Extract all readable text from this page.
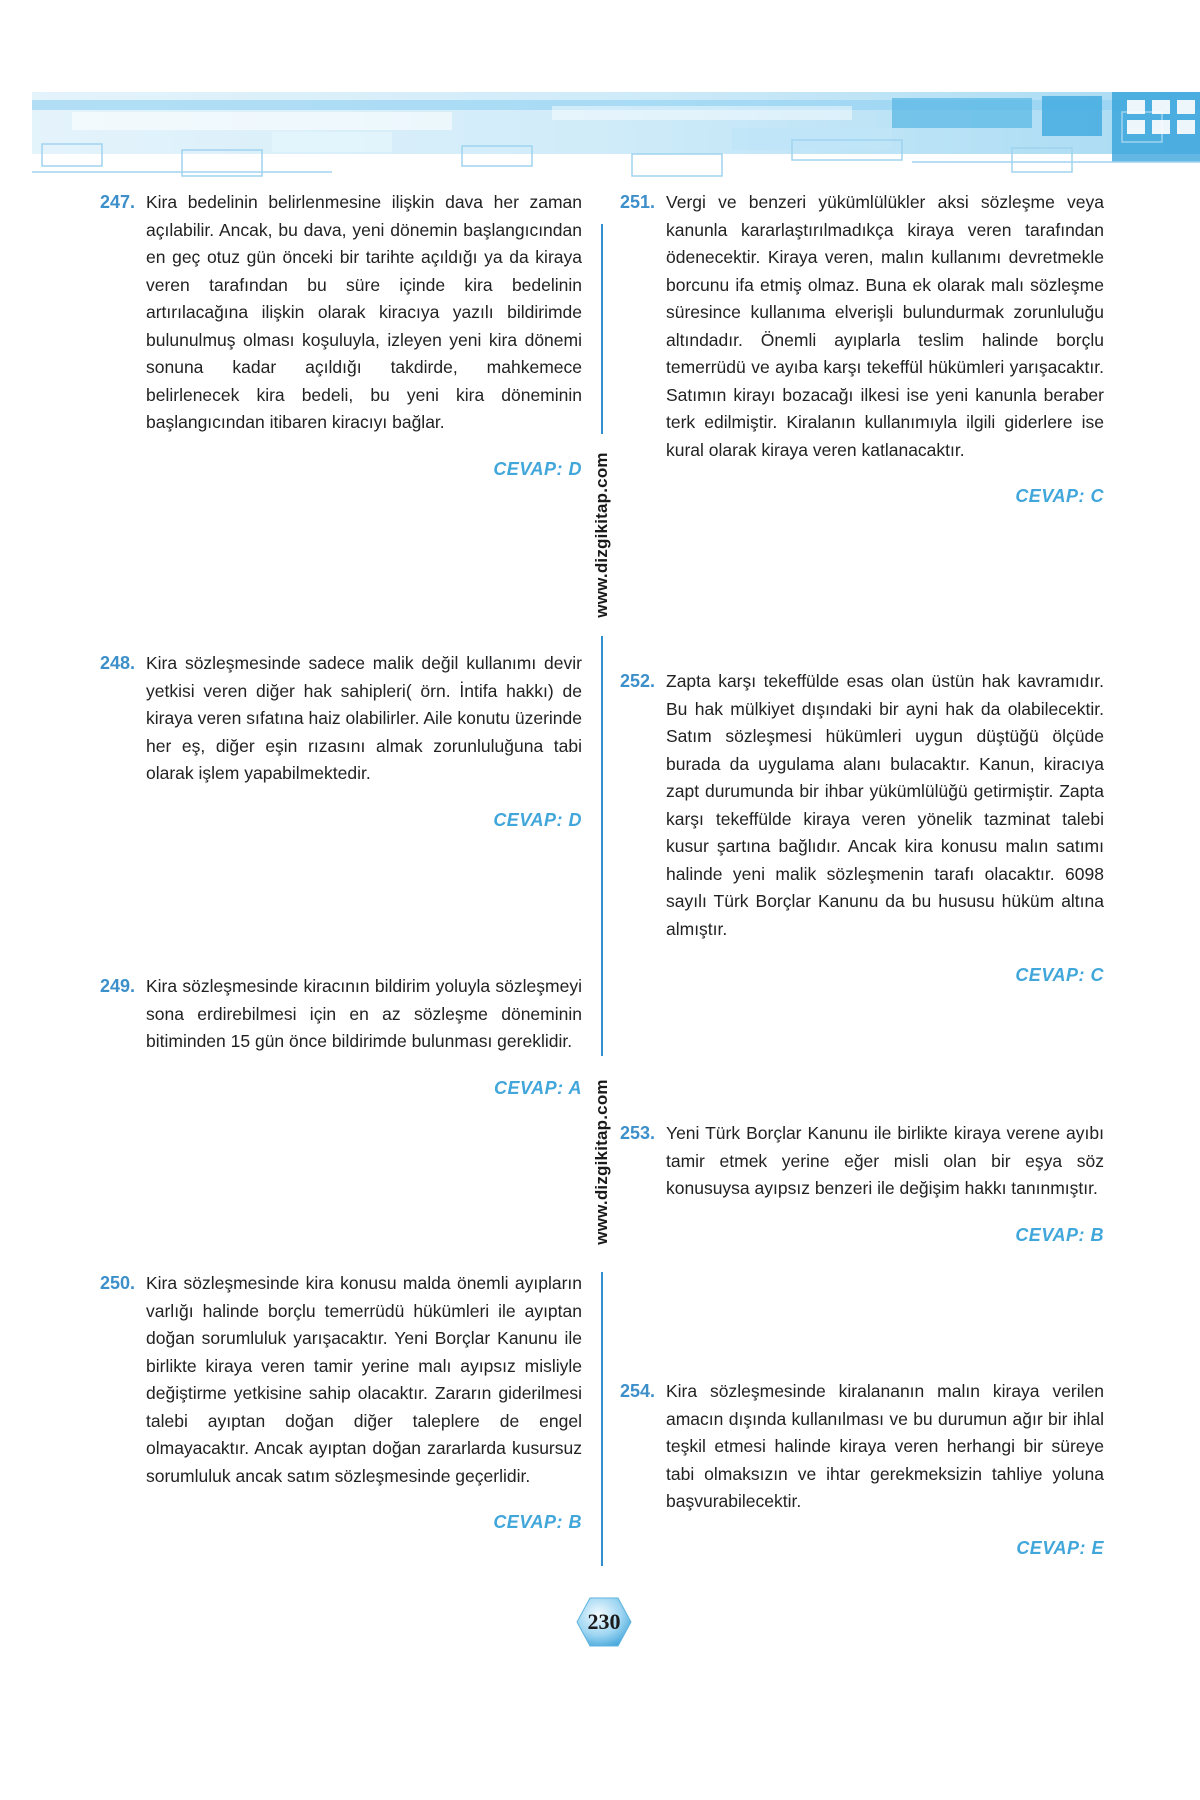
www.dizgikitap.com
www.dizgikitap.com
247. Kira bedelinin belirlenmesine ilişkin dava her zaman açılabilir. Ancak, bu dava, yeni dönemin başlangıcından en geç otuz gün önceki bir tarihte açıldığı ya da kiraya veren tarafından bu süre içinde kira bedelinin artırılacağına ilişkin olarak kiracıya yazılı bildirimde bulunulmuş olması koşuluyla, izleyen yeni kira dönemi sonuna kadar açıldığı takdirde, mahkemece belirlenecek kira bedeli, bu yeni kira döneminin başlangıcından itibaren kiracıyı bağlar.
CEVAP: D
248. Kira sözleşmesinde sadece malik değil kullanımı devir yetkisi veren diğer hak sahipleri( örn. İntifa hakkı) de kiraya veren sıfatına haiz olabilirler. Aile konutu üzerinde her eş, diğer eşin rızasını almak zorunluluğuna tabi olarak işlem yapabilmektedir.
CEVAP: D
249. Kira sözleşmesinde kiracının bildirim yoluyla sözleşmeyi sona erdirebilmesi için en az sözleşme döneminin bitiminden 15 gün önce bildirimde bulunması gereklidir.
CEVAP: A
250. Kira sözleşmesinde kira konusu malda önemli ayıpların varlığı halinde borçlu temerrüdü hükümleri ile ayıptan doğan sorumluluk yarışacaktır. Yeni Borçlar Kanunu ile birlikte kiraya veren tamir yerine malı ayıpsız misliyle değiştirme yetkisine sahip olacaktır. Zararın giderilmesi talebi ayıptan doğan diğer taleplere de engel olmayacaktır. Ancak ayıptan doğan zararlarda kusursuz sorumluluk ancak satım sözleşmesinde geçerlidir.
CEVAP: B
251. Vergi ve benzeri yükümlülükler aksi sözleşme veya kanunla kararlaştırılmadıkça kiraya veren tarafından ödenecektir. Kiraya veren, malın kullanımı devretmekle borcunu ifa etmiş olmaz. Buna ek olarak malı sözleşme süresince kullanıma elverişli bulundurmak zorunluluğu altındadır. Önemli ayıplarla teslim halinde borçlu temerrüdü ve ayıba karşı tekeffül hükümleri yarışacaktır. Satımın kirayı bozacağı ilkesi ise yeni kanunla beraber terk edilmiştir. Kiralanın kullanımıyla ilgili giderlere ise kural olarak kiraya veren katlanacaktır.
CEVAP: C
252. Zapta karşı tekeffülde esas olan üstün hak kavramıdır. Bu hak mülkiyet dışındaki bir ayni hak da olabilecektir. Satım sözleşmesi hükümleri uygun düştüğü ölçüde burada da uygulama alanı bulacaktır. Kanun, kiracıya zapt durumunda bir ihbar yükümlülüğü getirmiştir. Zapta karşı tekeffülde kiraya veren yönelik tazminat talebi kusur şartına bağlıdır. Ancak kira konusu malın satımı halinde yeni malik sözleşmenin tarafı olacaktır. 6098 sayılı Türk Borçlar Kanunu da bu hususu hüküm altına almıştır.
CEVAP: C
253. Yeni Türk Borçlar Kanunu ile birlikte kiraya verene ayıbı tamir etmek yerine eğer misli olan bir eşya söz konusuysa ayıpsız benzeri ile değişim hakkı tanınmıştır.
CEVAP: B
254. Kira sözleşmesinde kiralananın malın kiraya verilen amacın dışında kullanılması ve bu durumun ağır bir ihlal teşkil etmesi halinde kiraya veren herhangi bir süreye tabi olmaksızın ve ihtar gerekmeksizin tahliye yoluna başvurabilecektir.
CEVAP: E
230
